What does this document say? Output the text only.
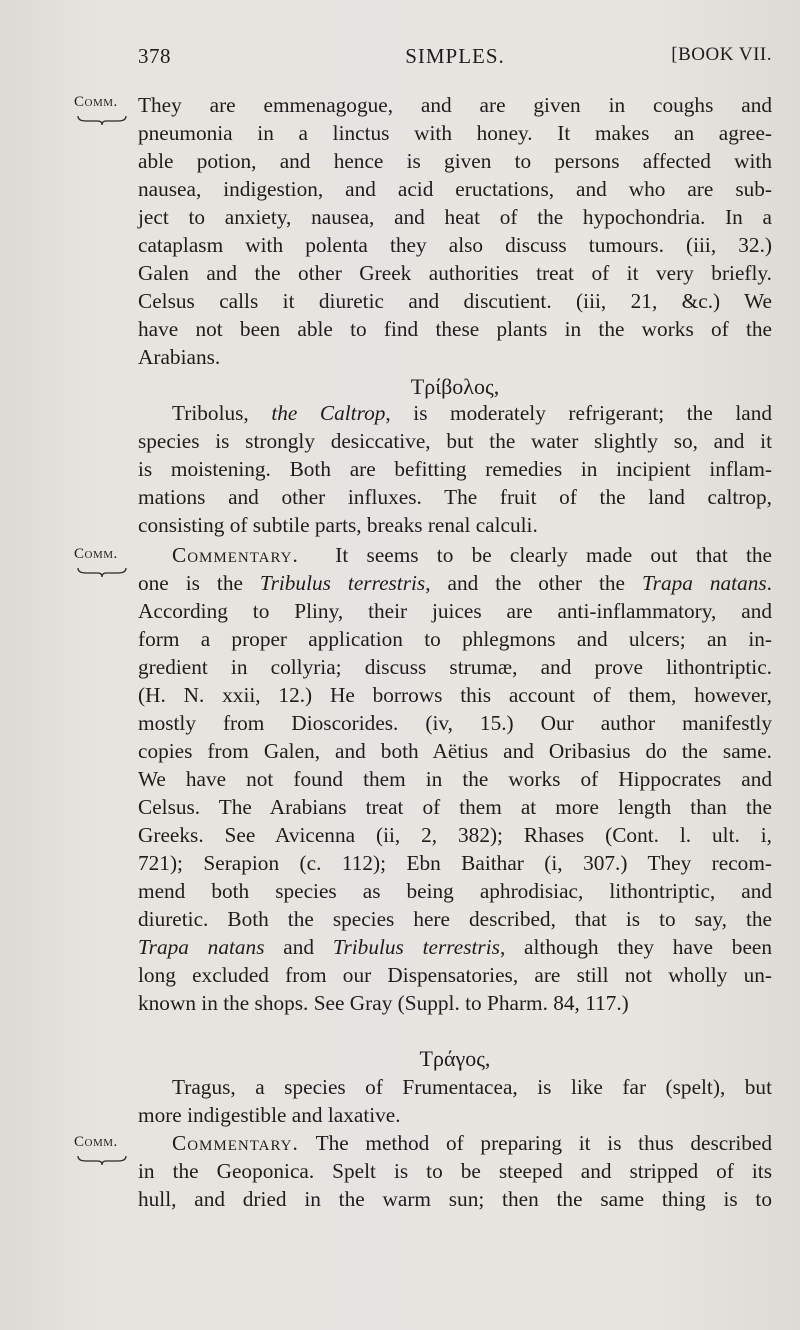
378	SIMPLES.	[BOOK VII.
Comm. They are emmenagogue, and are given in coughs and
pneumonia in a linctus with honey. It makes an agree-
able potion, and hence is given to persons affected with
nausea, indigestion, and acid eructations, and who are sub-
ject to anxiety, nausea, and heat of the hypochondria. In a
cataplasm with polenta they also discuss tumours. (iii, 32.)
Galen and the other Greek authorities treat of it very briefly.
Celsus calls it diuretic and discutient. (iii, 21, &c.) We
have not been able to find these plants in the works of the
Arabians.
Τρίβολος,
Tribolus, the Caltrop, is moderately refrigerant; the land
species is strongly desiccative, but the water slightly so, and it
is moistening. Both are befitting remedies in incipient inflam-
mations and other influxes. The fruit of the land caltrop,
consisting of subtile parts, breaks renal calculi.
Comm.	Commentary. It seems to be clearly made out that the
one is the Tribulus terrestris, and the other the Trapa natans.
According to Pliny, their juices are anti-inflammatory, and
form a proper application to phlegmons and ulcers; an in-
gredient in collyria; discuss strumæ, and prove lithontriptic.
(H. N. xxii, 12.) He borrows this account of them, however,
mostly from Dioscorides. (iv, 15.) Our author manifestly
copies from Galen, and both Aëtius and Oribasius do the same.
We have not found them in the works of Hippocrates and
Celsus. The Arabians treat of them at more length than the
Greeks. See Avicenna (ii, 2, 382); Rhases (Cont. l. ult. i,
721); Serapion (c. 112); Ebn Baithar (i, 307.) They recom-
mend both species as being aphrodisiac, lithontriptic, and
diuretic. Both the species here described, that is to say, the
Trapa natans and Tribulus terrestris, although they have been
long excluded from our Dispensatories, are still not wholly un-
known in the shops. See Gray (Suppl. to Pharm. 84, 117.)
Τράγος,
Tragus, a species of Frumentacea, is like far (spelt), but
more indigestible and laxative.
Comm.	Commentary. The method of preparing it is thus described
in the Geoponica. Spelt is to be steeped and stripped of its
hull, and dried in the warm sun; then the same thing is to
